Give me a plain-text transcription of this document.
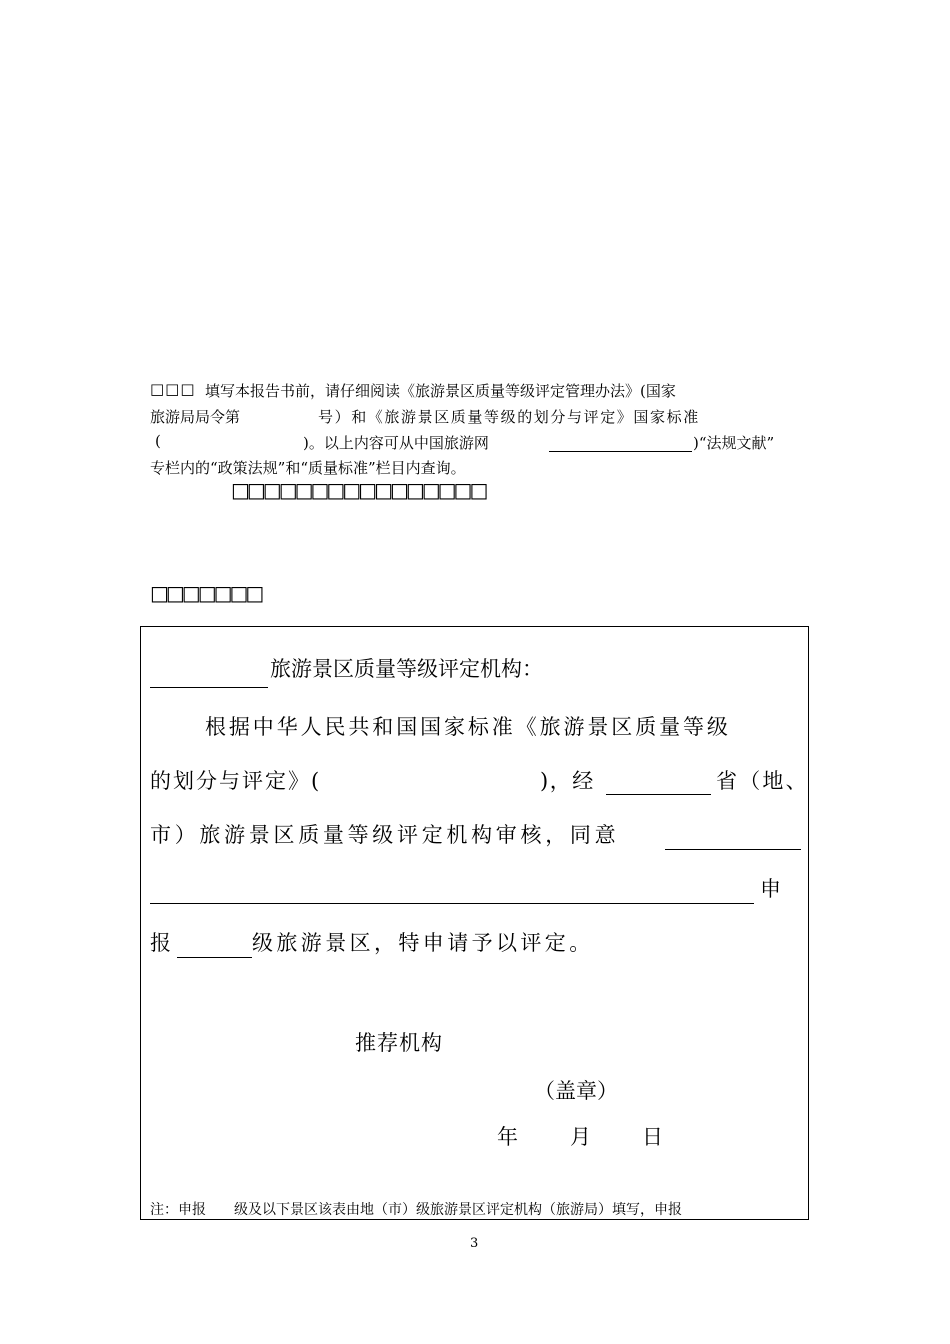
□□□ 填写本报告书前，请仔细阅读《旅游景区质量等级评定管理办法》(国家
旅游局局令第	号）和《旅游景区质量等级的划分与评定》国家标准
(	)。以上内容可从中国旅游网	)“法规文献”
专栏内的“政策法规”和“质量标准”栏目内查询。
□□□□□□□□□□□□□□□□
□□□□□□□
旅游景区质量等级评定机构：
根据中华人民共和国国家标准《旅游景区质量等级
的划分与评定》(	)，经	省（地、
市）旅游景区质量等级评定机构审核，同意
申
报	级旅游景区，特申请予以评定。
推荐机构
（盖章）
年 月 日
注：申报　　级及以下景区该表由地（市）级旅游景区评定机构（旅游局）填写，申报
3
